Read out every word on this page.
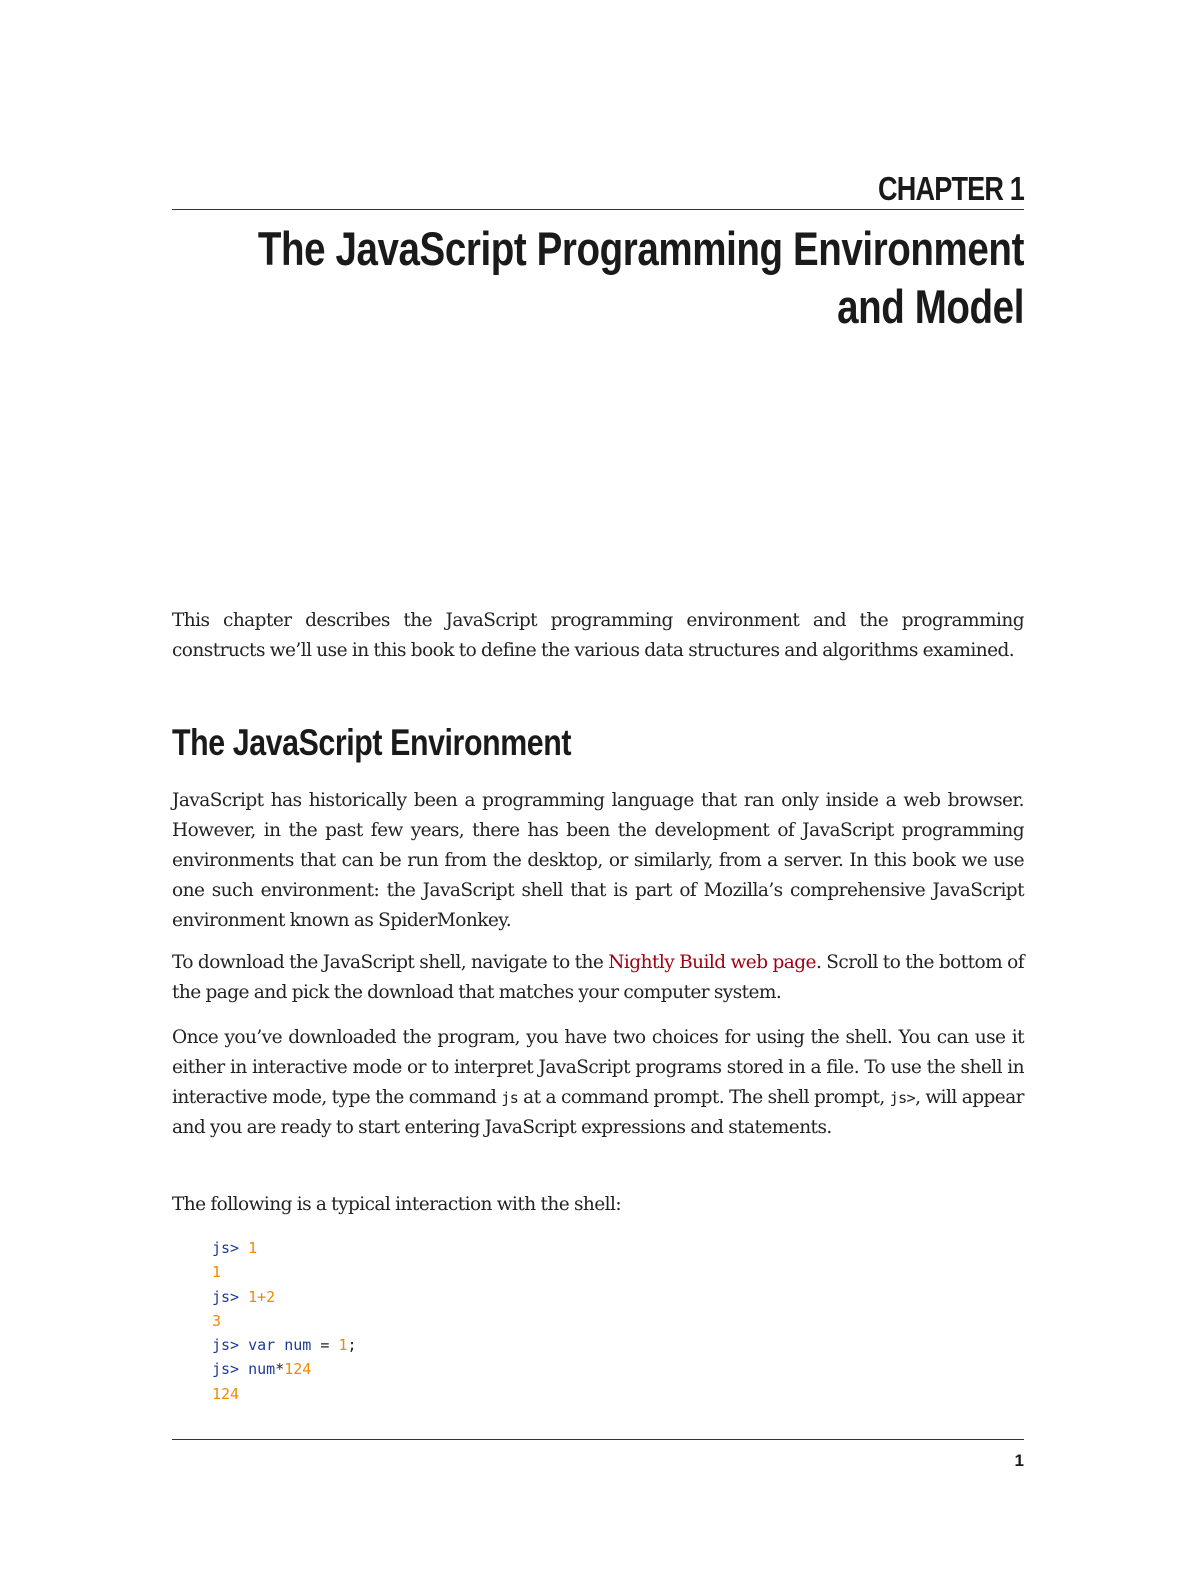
CHAPTER 1
The JavaScript Programming Environment
and Model

This chapter describes the JavaScript programming environment and the programming constructs we’ll use in this book to define the various data structures and algorithms examined.

The JavaScript Environment

JavaScript has historically been a programming language that ran only inside a web browser. However, in the past few years, there has been the development of JavaScript programming environments that can be run from the desktop, or similarly, from a server. In this book we use one such environment: the JavaScript shell that is part of Mozilla’s comprehensive JavaScript environment known as SpiderMonkey.

To download the JavaScript shell, navigate to the Nightly Build web page. Scroll to the bottom of the page and pick the download that matches your computer system.

Once you’ve downloaded the program, you have two choices for using the shell. You can use it either in interactive mode or to interpret JavaScript programs stored in a file. To use the shell in interactive mode, type the command js at a command prompt. The shell prompt, js>, will appear and you are ready to start entering JavaScript expressions and statements.

The following is a typical interaction with the shell:

js> 1
1
js> 1+2
3
js> var num = 1;
js> num*124
124
1
